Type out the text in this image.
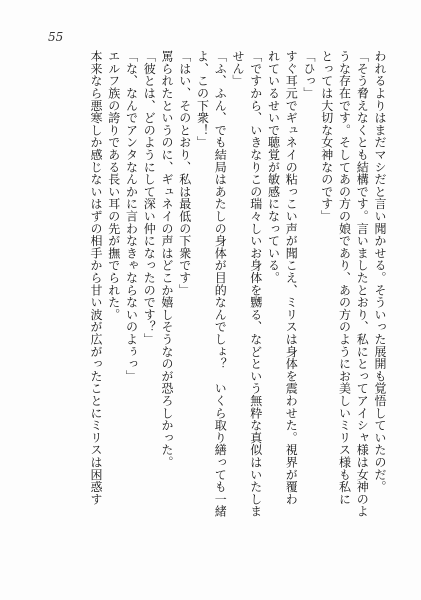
55

われるよりはまだマシだと言い聞かせる。そういった展開も覚悟していたのだ。

「そう脅えなくとも結構です。言いましたとおり、私にとってアイシャ様は女神のよ

うな存在です。そしてあの方の娘であり、あの方のようにお美しいミリス様も私に

とっては大切な女神なのです」

「ひっ」

すぐ耳元でギュネイの粘っこい声が聞こえ、ミリスは身体を震わせた。視界が覆わ

れているせいで聴覚が敏感になっている。

「ですから、いきなりこの瑞々しいお身体を嬲る、などという無粋な真似はいたしま

せん」

「ふ、ふん、でも結局はあたしの身体が目的なんでしょ？　いくら取り繕っても一緒

よ、この下衆！」

「はい、そのとおり、私は最低の下衆です」

罵られたというのに、ギュネイの声はどこか嬉しそうなのが恐ろしかった。

「彼とは、どのようにして深い仲になったのです？」

「な、なんでアンタなんかに言わなきゃならないのよぅっ」

エルフ族の誇りである長い耳の先が撫でられた。

本来なら悪寒しか感じないはずの相手から甘い波が広がったことにミリスは困惑す
